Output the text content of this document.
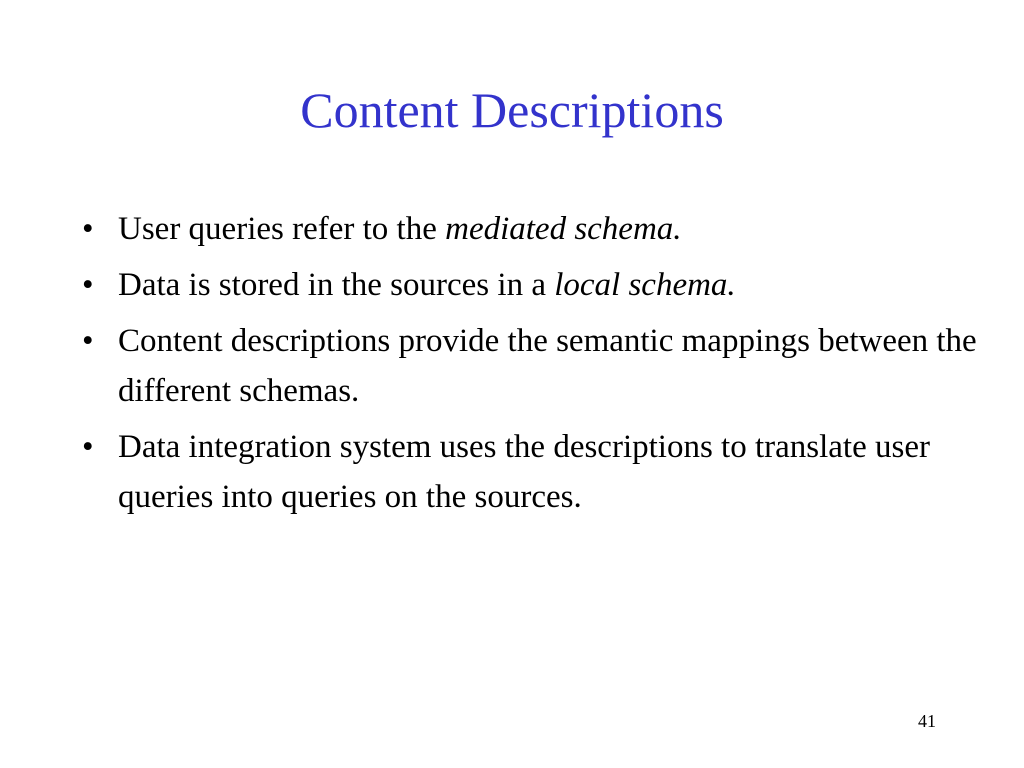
Content Descriptions
• User queries refer to the mediated schema.
• Data is stored in the sources in a local schema.
• Content descriptions provide the semantic mappings between the different schemas.
• Data integration system uses the descriptions to translate user queries into queries on the sources.
41
